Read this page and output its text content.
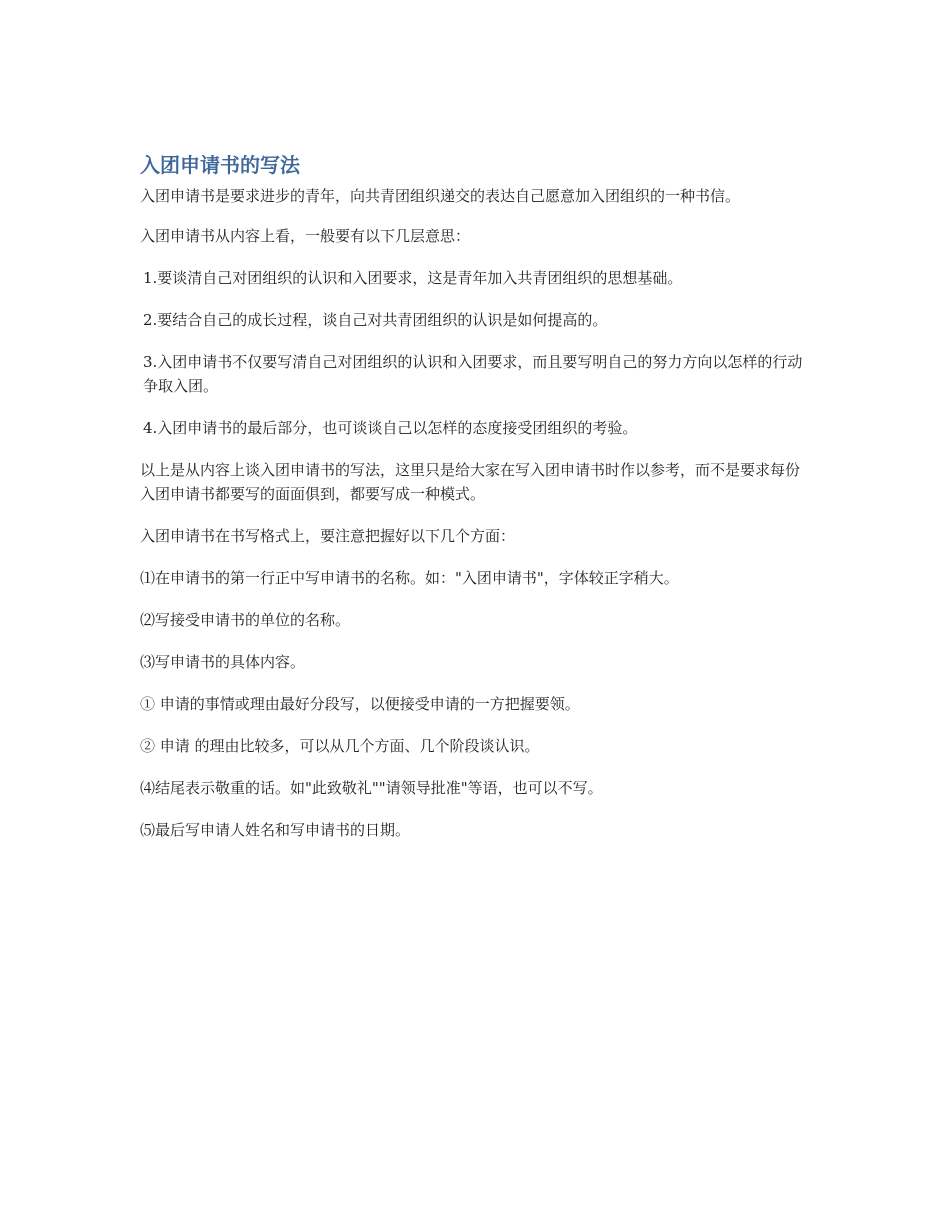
入团申请书的写法

入团申请书是要求进步的青年，向共青团组织递交的表达自己愿意加入团组织的一种书信。

入团申请书从内容上看，一般要有以下几层意思：

1.要谈清自己对团组织的认识和入团要求，这是青年加入共青团组织的思想基础。

2.要结合自己的成长过程，谈自己对共青团组织的认识是如何提高的。

3.入团申请书不仅要写清自己对团组织的认识和入团要求，而且要写明自己的努力方向以怎样的行动争取入团。

4.入团申请书的最后部分，也可谈谈自己以怎样的态度接受团组织的考验。

以上是从内容上谈入团申请书的写法，这里只是给大家在写入团申请书时作以参考，而不是要求每份入团申请书都要写的面面俱到，都要写成一种模式。

入团申请书在书写格式上，要注意把握好以下几个方面：

⑴在申请书的第一行正中写申请书的名称。如："入团申请书"，字体较正字稍大。

⑵写接受申请书的单位的名称。

⑶写申请书的具体内容。

① 申请的事情或理由最好分段写，以便接受申请的一方把握要领。

② 申请 的理由比较多，可以从几个方面、几个阶段谈认识。

⑷结尾表示敬重的话。如"此致敬礼""请领导批准"等语，也可以不写。

⑸最后写申请人姓名和写申请书的日期。
